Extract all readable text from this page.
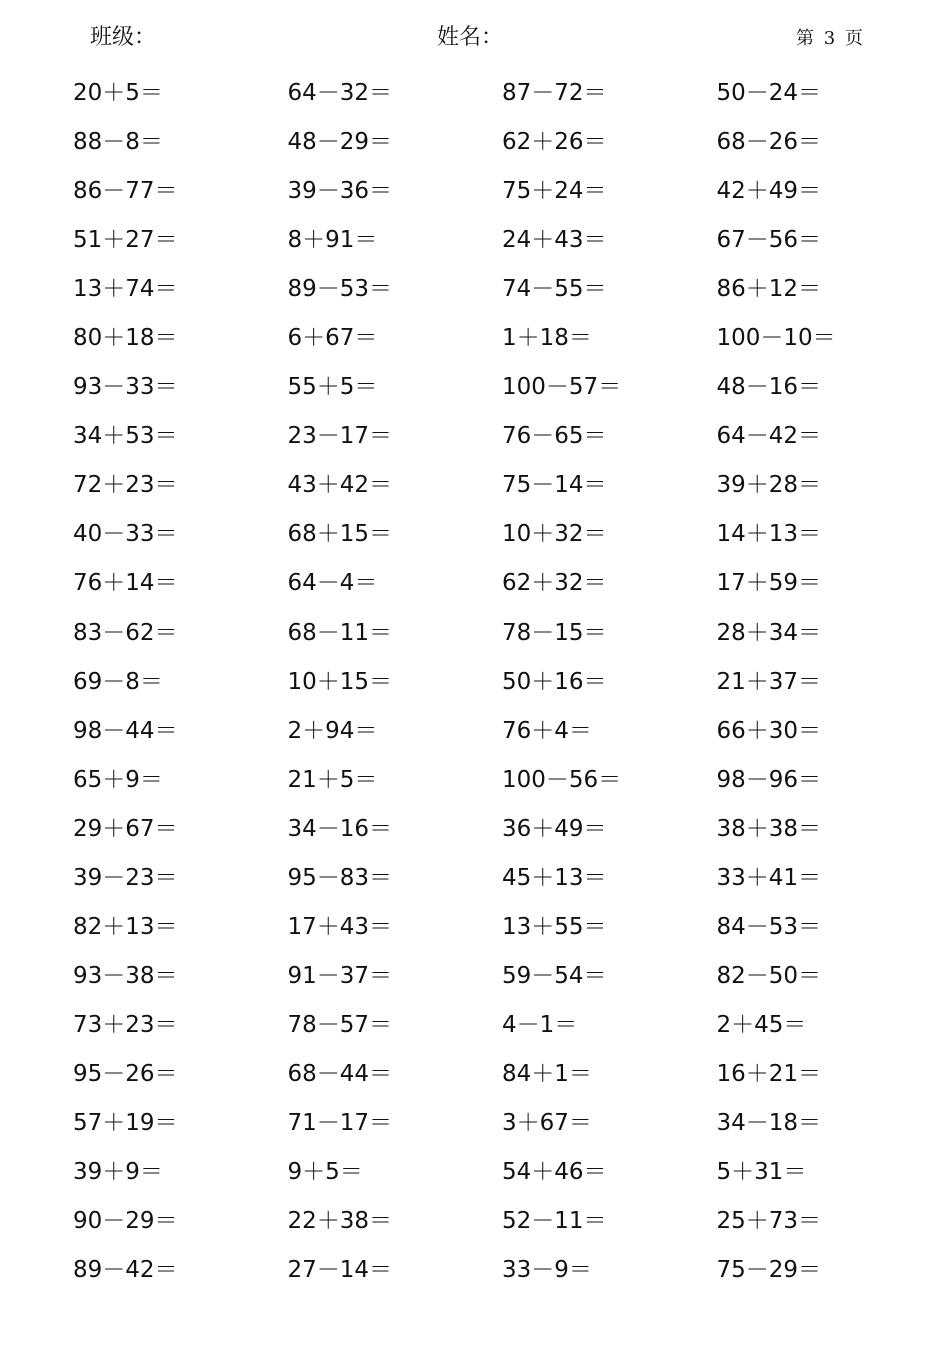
班级：	姓名：	第 3 页
20＋5＝	64－32＝	87－72＝	50－24＝
88－8＝	48－29＝	62＋26＝	68－26＝
86－77＝	39－36＝	75＋24＝	42＋49＝
51＋27＝	8＋91＝	24＋43＝	67－56＝
13＋74＝	89－53＝	74－55＝	86＋12＝
80＋18＝	6＋67＝	1＋18＝	100－10＝
93－33＝	55＋5＝	100－57＝	48－16＝
34＋53＝	23－17＝	76－65＝	64－42＝
72＋23＝	43＋42＝	75－14＝	39＋28＝
40－33＝	68＋15＝	10＋32＝	14＋13＝
76＋14＝	64－4＝	62＋32＝	17＋59＝
83－62＝	68－11＝	78－15＝	28＋34＝
69－8＝	10＋15＝	50＋16＝	21＋37＝
98－44＝	2＋94＝	76＋4＝	66＋30＝
65＋9＝	21＋5＝	100－56＝	98－96＝
29＋67＝	34－16＝	36＋49＝	38＋38＝
39－23＝	95－83＝	45＋13＝	33＋41＝
82＋13＝	17＋43＝	13＋55＝	84－53＝
93－38＝	91－37＝	59－54＝	82－50＝
73＋23＝	78－57＝	4－1＝	2＋45＝
95－26＝	68－44＝	84＋1＝	16＋21＝
57＋19＝	71－17＝	3＋67＝	34－18＝
39＋9＝	9＋5＝	54＋46＝	5＋31＝
90－29＝	22＋38＝	52－11＝	25＋73＝
89－42＝	27－14＝	33－9＝	75－29＝
